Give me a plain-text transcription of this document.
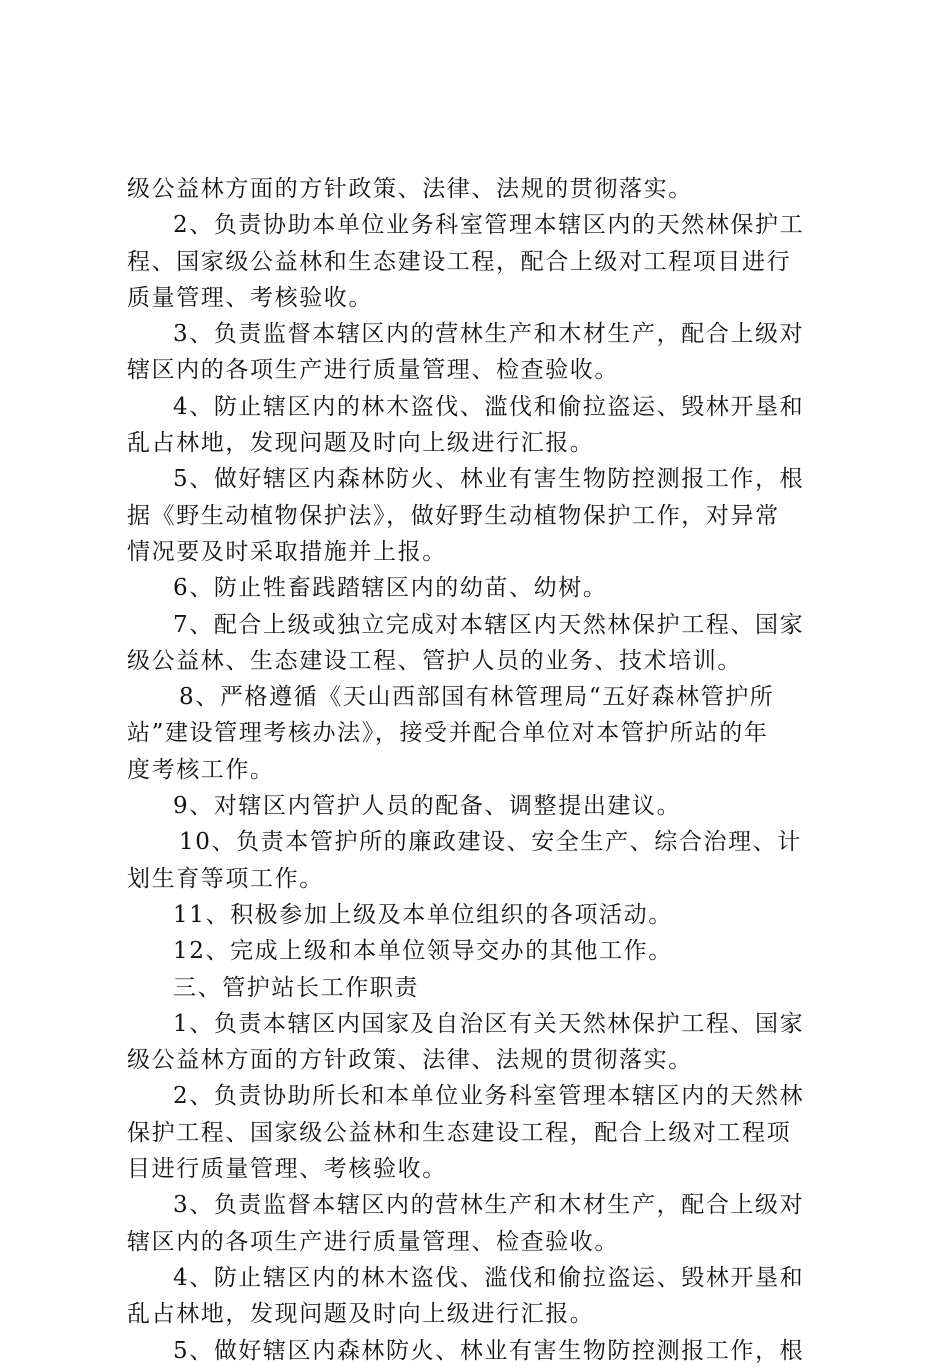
级公益林方面的方针政策、法律、法规的贯彻落实。
2、负责协助本单位业务科室管理本辖区内的天然林保护工
程、国家级公益林和生态建设工程，配合上级对工程项目进行
质量管理、考核验收。
3、负责监督本辖区内的营林生产和木材生产，配合上级对
辖区内的各项生产进行质量管理、检查验收。
4、防止辖区内的林木盗伐、滥伐和偷拉盗运、毁林开垦和
乱占林地，发现问题及时向上级进行汇报。
5、做好辖区内森林防火、林业有害生物防控测报工作，根
据《野生动植物保护法》，做好野生动植物保护工作，对异常
情况要及时采取措施并上报。
6、防止牲畜践踏辖区内的幼苗、幼树。
7、配合上级或独立完成对本辖区内天然林保护工程、国家
级公益林、生态建设工程、管护人员的业务、技术培训。
8、严格遵循《天山西部国有林管理局“五好森林管护所
站”建设管理考核办法》，接受并配合单位对本管护所站的年
度考核工作。
9、对辖区内管护人员的配备、调整提出建议。
10、负责本管护所的廉政建设、安全生产、综合治理、计
划生育等项工作。
11、积极参加上级及本单位组织的各项活动。
12、完成上级和本单位领导交办的其他工作。
三、管护站长工作职责
1、负责本辖区内国家及自治区有关天然林保护工程、国家
级公益林方面的方针政策、法律、法规的贯彻落实。
2、负责协助所长和本单位业务科室管理本辖区内的天然林
保护工程、国家级公益林和生态建设工程，配合上级对工程项
目进行质量管理、考核验收。
3、负责监督本辖区内的营林生产和木材生产，配合上级对
辖区内的各项生产进行质量管理、检查验收。
4、防止辖区内的林木盗伐、滥伐和偷拉盗运、毁林开垦和
乱占林地，发现问题及时向上级进行汇报。
5、做好辖区内森林防火、林业有害生物防控测报工作，根
